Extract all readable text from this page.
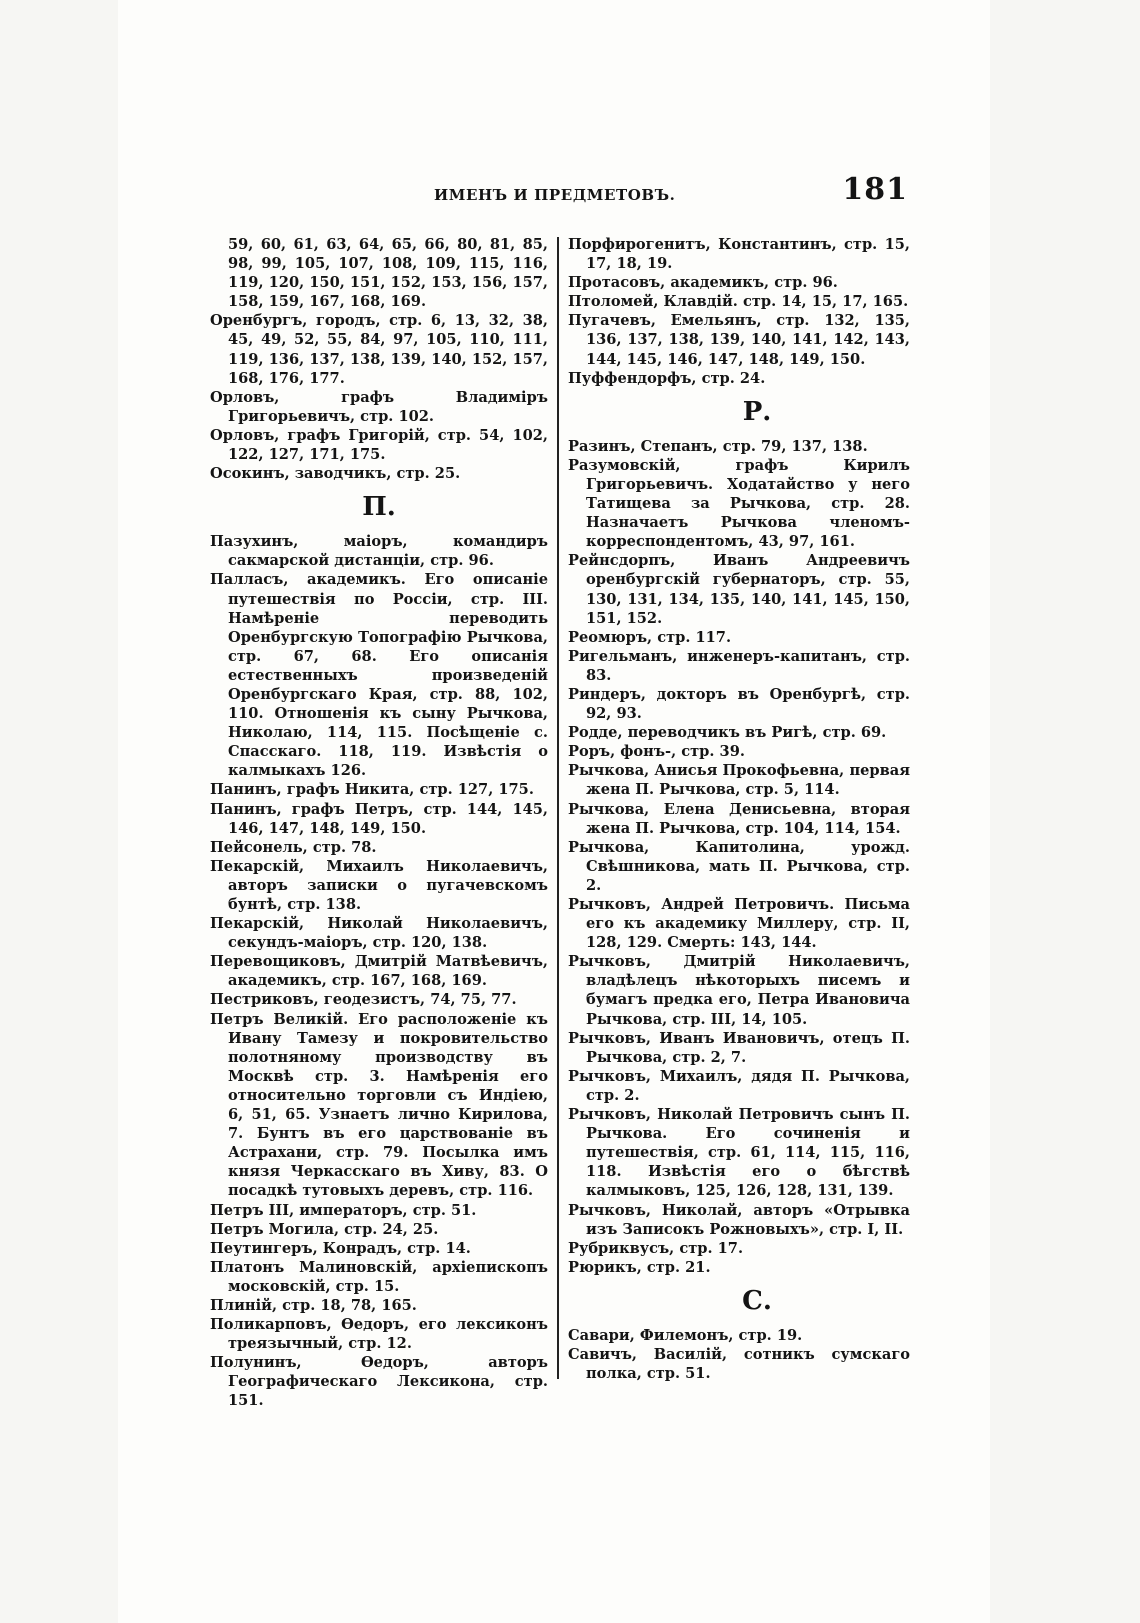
ИМЕНЪ И ПРЕДМЕТОВЪ.	181
59, 60, 61, 63, 64, 65, 66, 80, 81, 85, 98, 99, 105, 107, 108, 109, 115, 116, 119, 120, 150, 151, 152, 153, 156, 157, 158, 159, 167, 168, 169.
Оренбургъ, городъ, стр. 6, 13, 32, 38, 45, 49, 52, 55, 84, 97, 105, 110, 111, 119, 136, 137, 138, 139, 140, 152, 157, 168, 176, 177.
Орловъ, графъ Владиміръ Григорьевичъ, стр. 102.
Орловъ, графъ Григорій, стр. 54, 102, 122, 127, 171, 175.
Осокинъ, заводчикъ, стр. 25.
П.
Пазухинъ, маіоръ, командиръ сакмарской дистанціи, стр. 96.
Палласъ, академикъ. Его описаніе путешествія по Россіи, стр. III. Намѣреніе переводить Оренбургскую Топографію Рычкова, стр. 67, 68. Его описанія естественныхъ произведеній Оренбургскаго Края, стр. 88, 102, 110. Отношенія къ сыну Рычкова, Николаю, 114, 115. Посѣщеніе с. Спасскаго. 118, 119. Извѣстія о калмыкахъ 126.
Панинъ, графъ Никита, стр. 127, 175.
Панинъ, графъ Петръ, стр. 144, 145, 146, 147, 148, 149, 150.
Пейсонель, стр. 78.
Пекарскій, Михаилъ Николаевичъ, авторъ записки о пугачевскомъ бунтѣ, стр. 138.
Пекарскій, Николай Николаевичъ, секундъ-маіоръ, стр. 120, 138.
Перевощиковъ, Дмитрій Матвѣевичъ, академикъ, стр. 167, 168, 169.
Пестриковъ, геодезистъ, 74, 75, 77.
Петръ Великій. Его расположеніе къ Ивану Тамезу и покровительство полотняному производству въ Москвѣ стр. 3. Намѣренія его относительно торговли съ Индіею, 6, 51, 65. Узнаетъ лично Кирилова, 7. Бунтъ въ его царствованіе въ Астрахани, стр. 79. Посылка имъ князя Черкасскаго въ Хиву, 83. О посадкѣ тутовыхъ деревъ, стр. 116.
Петръ III, императоръ, стр. 51.
Петръ Могила, стр. 24, 25.
Пеутингеръ, Конрадъ, стр. 14.
Платонъ Малиновскій, архіепископъ московскій, стр. 15.
Плиній, стр. 18, 78, 165.
Поликарповъ, Ѳедоръ, его лексиконъ треязычный, стр. 12.
Полунинъ, Ѳедоръ, авторъ Географическаго Лексикона, стр. 151.
Порфирогенитъ, Константинъ, стр. 15, 17, 18, 19.
Протасовъ, академикъ, стр. 96.
Птоломей, Клавдій. стр. 14, 15, 17, 165.
Пугачевъ, Емельянъ, стр. 132, 135, 136, 137, 138, 139, 140, 141, 142, 143, 144, 145, 146, 147, 148, 149, 150.
Пуффендорфъ, стр. 24.
Р.
Разинъ, Степанъ, стр. 79, 137, 138.
Разумовскій, графъ Кирилъ Григорьевичъ. Ходатайство у него Татищева за Рычкова, стр. 28. Назначаетъ Рычкова членомъ-корреспондентомъ, 43, 97, 161.
Рейнсдорпъ, Иванъ Андреевичъ оренбургскій губернаторъ, стр. 55, 130, 131, 134, 135, 140, 141, 145, 150, 151, 152.
Реомюръ, стр. 117.
Ригельманъ, инженеръ-капитанъ, стр. 83.
Риндеръ, докторъ въ Оренбургѣ, стр. 92, 93.
Родде, переводчикъ въ Ригѣ, стр. 69.
Роръ, фонъ-, стр. 39.
Рычкова, Анисья Прокофьевна, первая жена П. Рычкова, стр. 5, 114.
Рычкова, Елена Денисьевна, вторая жена П. Рычкова, стр. 104, 114, 154.
Рычкова, Капитолина, урожд. Свѣшникова, мать П. Рычкова, стр. 2.
Рычковъ, Андрей Петровичъ. Письма его къ академику Миллеру, стр. II, 128, 129. Смерть: 143, 144.
Рычковъ, Дмитрій Николаевичъ, владѣлецъ нѣкоторыхъ писемъ и бумагъ предка его, Петра Ивановича Рычкова, стр. III, 14, 105.
Рычковъ, Иванъ Ивановичъ, отецъ П. Рычкова, стр. 2, 7.
Рычковъ, Михаилъ, дядя П. Рычкова, стр. 2.
Рычковъ, Николай Петровичъ сынъ П. Рычкова. Его сочиненія и путешествія, стр. 61, 114, 115, 116, 118. Извѣстія его о бѣгствѣ калмыковъ, 125, 126, 128, 131, 139.
Рычковъ, Николай, авторъ «Отрывка изъ Записокъ Рожновыхъ», стр. I, II.
Рубриквусъ, стр. 17.
Рюрикъ, стр. 21.
С.
Савари, Филемонъ, стр. 19.
Савичъ, Василій, сотникъ сумскаго полка, стр. 51.
